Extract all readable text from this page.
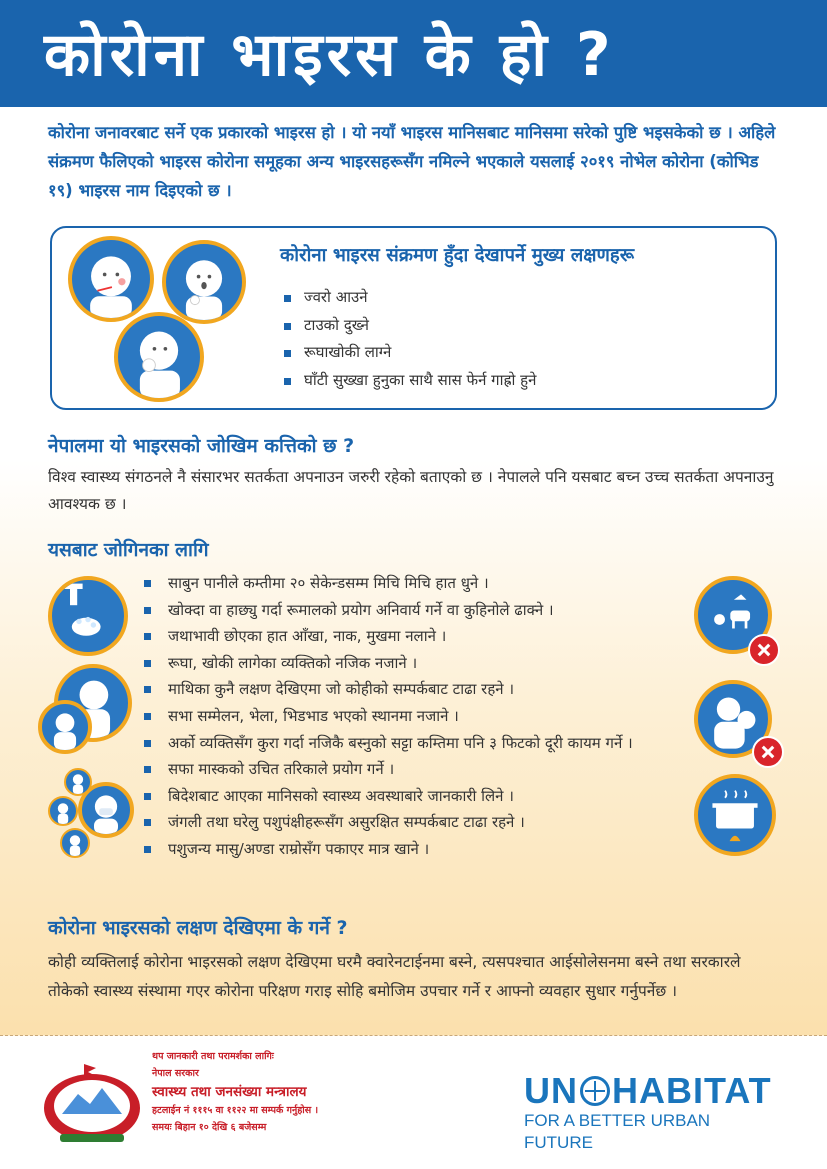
कोरोना भाइरस के हो ?
कोरोना जनावरबाट सर्ने एक प्रकारको भाइरस हो । यो नयाँ भाइरस मानिसबाट मानिसमा सरेको पुष्टि भइसकेको छ । अहिले संक्रमण फैलिएको भाइरस कोरोना समूहका अन्य भाइरसहरूसँग नमिल्ने भएकाले यसलाई २०१९ नोभेल कोरोना (कोभिड १९) भाइरस नाम दिइएको छ ।
कोरोना भाइरस संक्रमण हुँदा देखापर्ने मुख्य लक्षणहरू
ज्वरो आउने
टाउको दुख्ने
रूघाखोकी लाग्ने
घाँटी सुख्खा हुनुका साथै सास फेर्न गाह्रो हुने
नेपालमा यो भाइरसको जोखिम कत्तिको छ ?
विश्व स्वास्थ्य संगठनले नै संसारभर सतर्कता अपनाउन जरुरी रहेको बताएको छ । नेपालले पनि यसबाट बच्न उच्च सतर्कता अपनाउनु आवश्यक छ ।
यसबाट जोगिनका लागि
साबुन पानीले कम्तीमा २० सेकेन्डसम्म मिचि मिचि हात धुने ।
खोक्दा वा हाछ्यु गर्दा रूमालको प्रयोग अनिवार्य गर्ने वा कुहिनोले ढाक्ने ।
जथाभावी छोएका हात आँखा, नाक, मुखमा नलाने ।
रूघा, खोकी लागेका व्यक्तिको नजिक नजाने ।
माथिका कुनै लक्षण देखिएमा जो कोहीको सम्पर्कबाट टाढा रहने ।
सभा सम्मेलन, भेला, भिडभाड भएको स्थानमा नजाने ।
अर्को व्यक्तिसँग कुरा गर्दा नजिकै बस्नुको सट्टा कम्तिमा पनि ३ फिटको दूरी कायम गर्ने ।
सफा मास्कको उचित तरिकाले प्रयोग गर्ने ।
बिदेशबाट आएका मानिसको स्वास्थ्य अवस्थाबारे जानकारी लिने ।
जंगली तथा घरेलु पशुपंक्षीहरूसँग असुरक्षित सम्पर्कबाट टाढा रहने ।
पशुजन्य मासु/अण्डा राम्रोसँग पकाएर मात्र खाने ।
कोरोना भाइरसको लक्षण देखिएमा के गर्ने ?
कोही व्यक्तिलाई कोरोना भाइरसको लक्षण देखिएमा घरमै क्वारेनटाईनमा बस्ने, त्यसपश्चात आईसोलेसनमा बस्ने तथा सरकारले तोकेको स्वास्थ्य संस्थामा गएर कोरोना परिक्षण गराइ सोहि बमोजिम उपचार गर्ने र आफ्नो व्यवहार सुधार गर्नुपर्नेछ ।
थप जानकारी तथा परामर्शका लागिः
नेपाल सरकार
स्वास्थ्य तथा जनसंख्या मन्त्रालय
हटलाईन नं १११५ वा ११२२ मा सम्पर्क गर्नुहोस ।
समयः बिहान १० देखि ६ बजेसम्म
UN HABITAT
FOR A BETTER URBAN FUTURE
